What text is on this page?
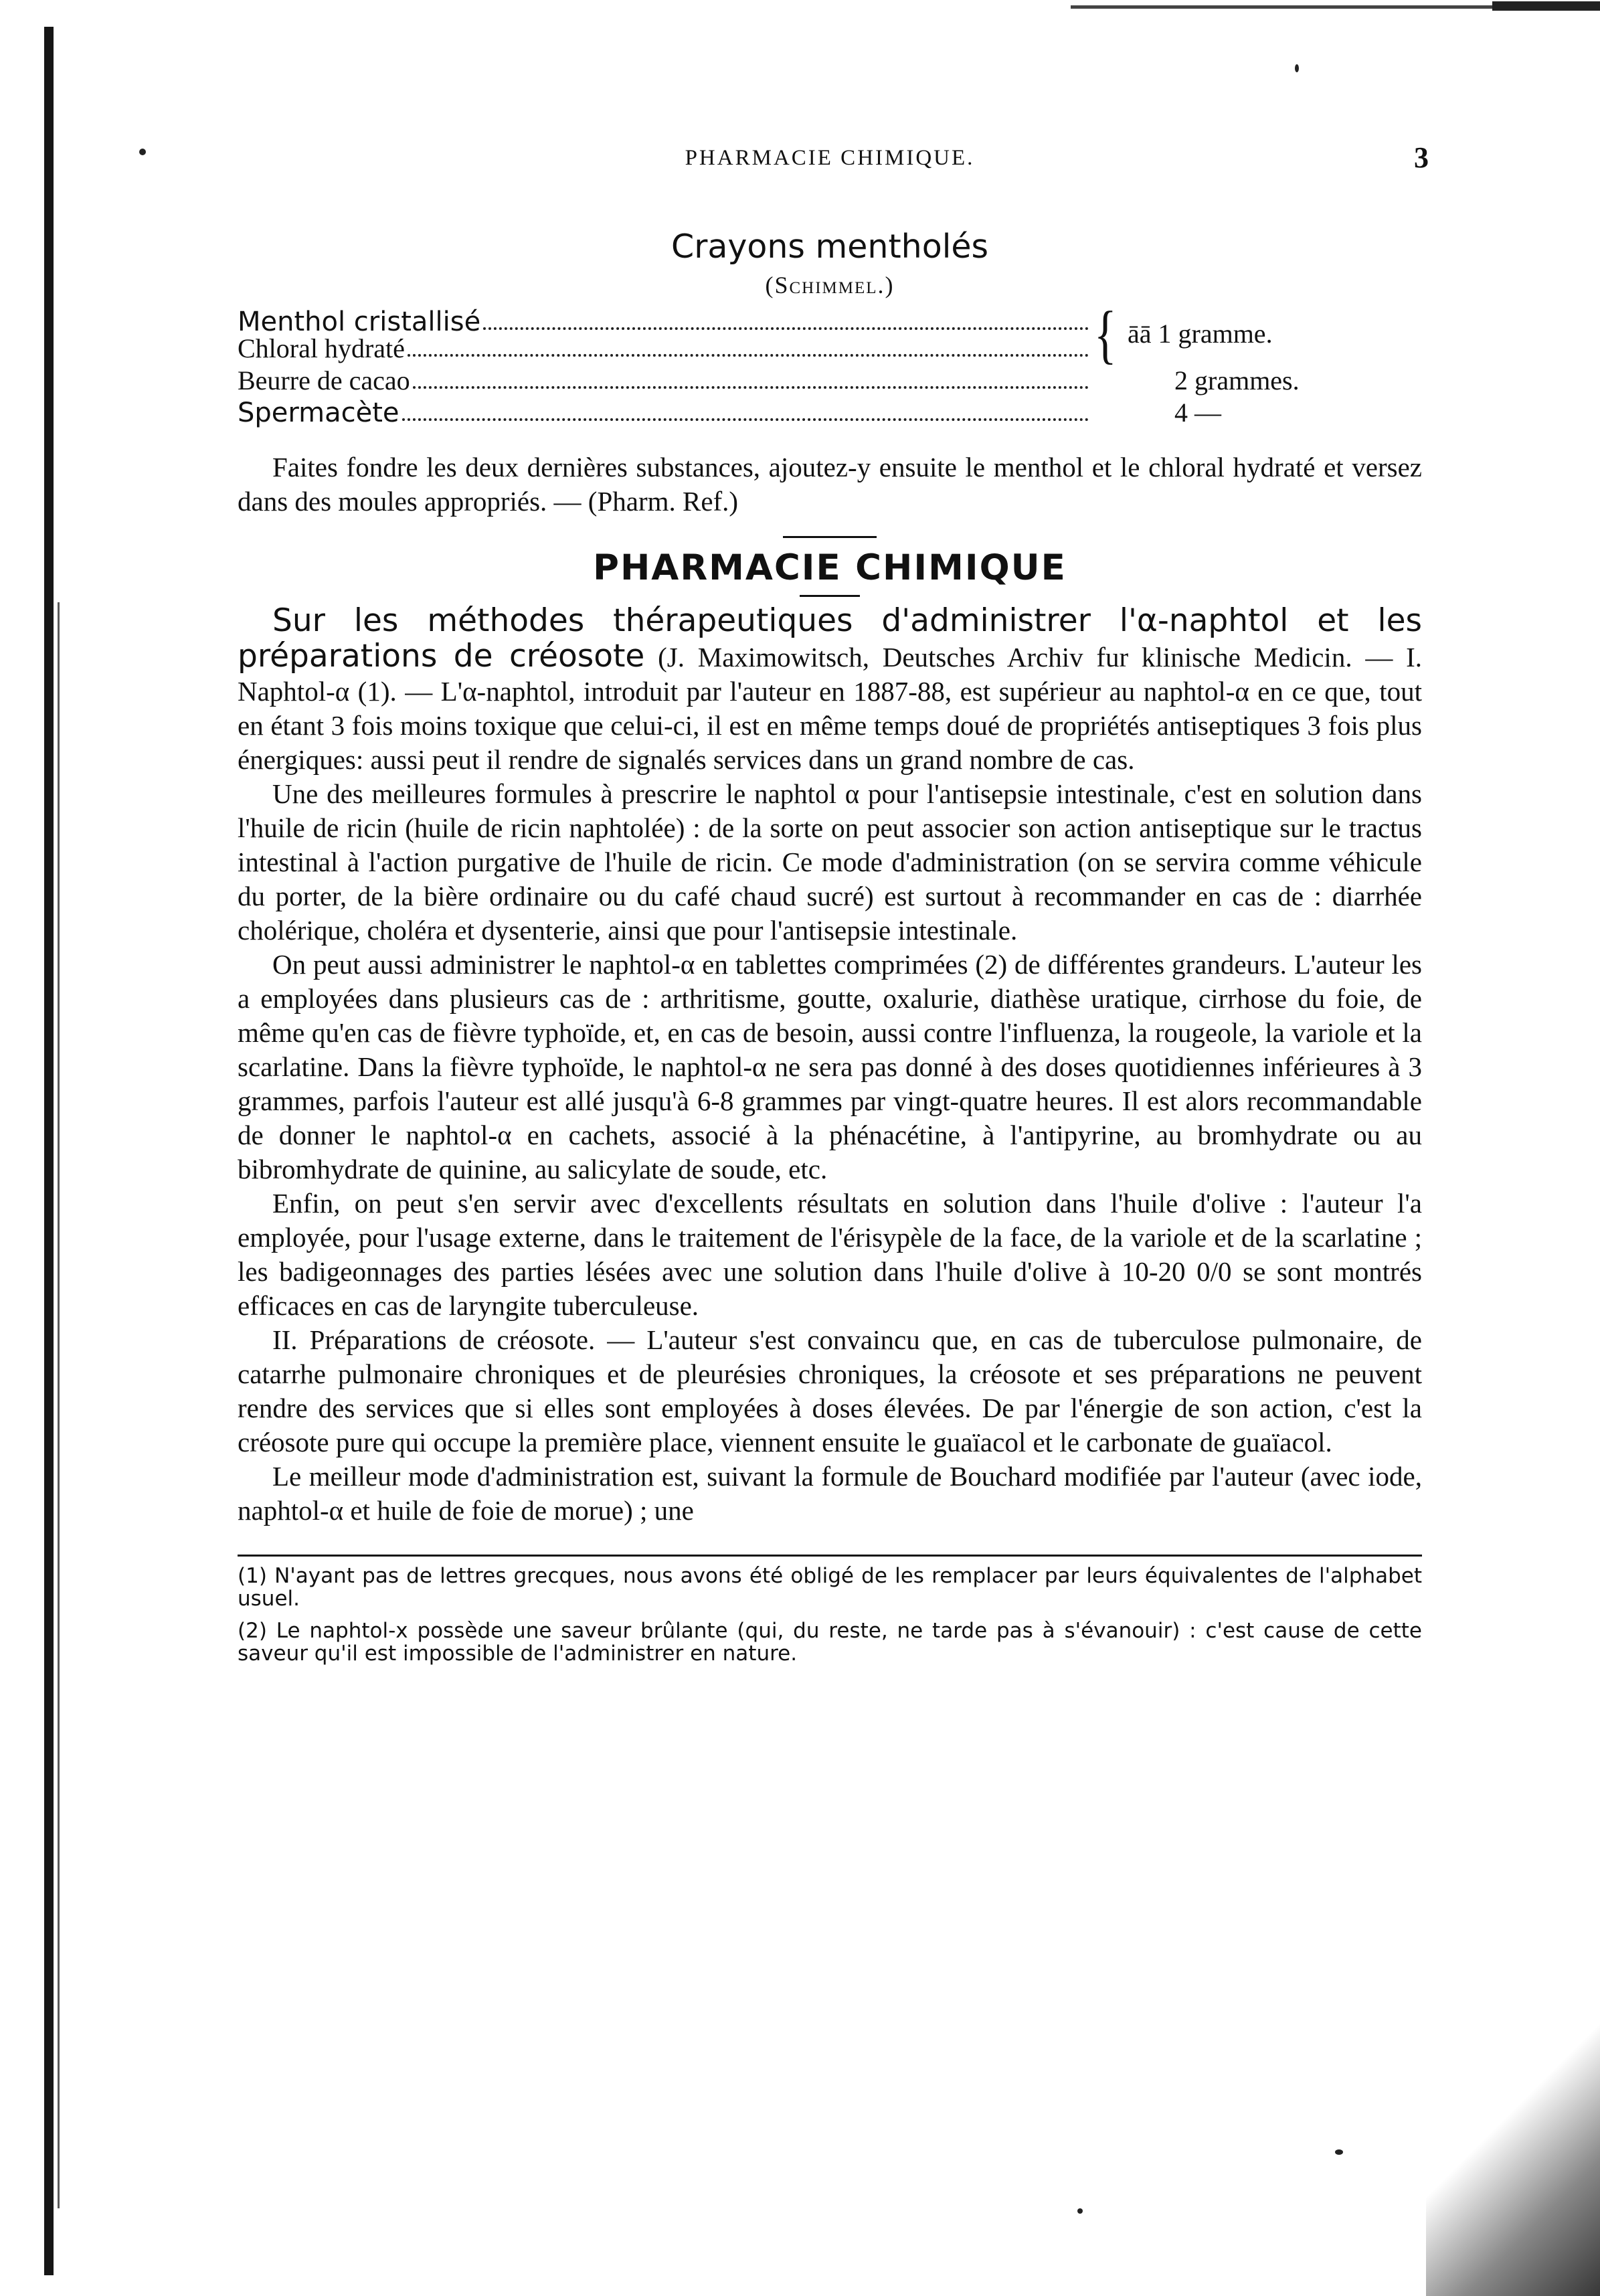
PHARMACIE CHIMIQUE.	3
Crayons mentholés
(Schimmel.)
Menthol cristallisé
Chloral hydraté	{ āā 1 gramme.
Beurre de cacao	2 grammes.
Spermacète	4 —

Faites fondre les deux dernières substances, ajoutez-y ensuite le menthol et le chloral hydraté et versez dans des moules appropriés. — (Pharm. Ref.)

PHARMACIE CHIMIQUE

Sur les méthodes thérapeutiques d'administrer l'α-naphtol et les préparations de créosote (J. Maximowitsch, Deutsches Archiv fur klinische Medicin. — I. Naphtol-α (1). — L'α-naphtol, introduit par l'auteur en 1887-88, est supérieur au naphtol-α en ce que, tout en étant 3 fois moins toxique que celui-ci, il est en même temps doué de propriétés antiseptiques 3 fois plus énergiques: aussi peut il rendre de signalés services dans un grand nombre de cas.

Une des meilleures formules à prescrire le naphtol α pour l'antisepsie intestinale, c'est en solution dans l'huile de ricin (huile de ricin naphtolée) : de la sorte on peut associer son action antiseptique sur le tractus intestinal à l'action purgative de l'huile de ricin. Ce mode d'administration (on se servira comme véhicule du porter, de la bière ordinaire ou du café chaud sucré) est surtout à recommander en cas de : diarrhée cholérique, choléra et dysenterie, ainsi que pour l'antisepsie intestinale.

On peut aussi administrer le naphtol-α en tablettes comprimées (2) de différentes grandeurs. L'auteur les a employées dans plusieurs cas de : arthritisme, goutte, oxalurie, diathèse uratique, cirrhose du foie, de même qu'en cas de fièvre typhoïde, et, en cas de besoin, aussi contre l'influenza, la rougeole, la variole et la scarlatine. Dans la fièvre typhoïde, le naphtol-α ne sera pas donné à des doses quotidiennes inférieures à 3 grammes, parfois l'auteur est allé jusqu'à 6-8 grammes par vingt-quatre heures. Il est alors recommandable de donner le naphtol-α en cachets, associé à la phénacétine, à l'antipyrine, au bromhydrate ou au bibromhydrate de quinine, au salicylate de soude, etc.

Enfin, on peut s'en servir avec d'excellents résultats en solution dans l'huile d'olive : l'auteur l'a employée, pour l'usage externe, dans le traitement de l'érisypèle de la face, de la variole et de la scarlatine ; les badigeonnages des parties lésées avec une solution dans l'huile d'olive à 10-20 0/0 se sont montrés efficaces en cas de laryngite tuberculeuse.

II. Préparations de créosote. — L'auteur s'est convaincu que, en cas de tuberculose pulmonaire, de catarrhe pulmonaire chroniques et de pleurésies chroniques, la créosote et ses préparations ne peuvent rendre des services que si elles sont employées à doses élevées. De par l'énergie de son action, c'est la créosote pure qui occupe la première place, viennent ensuite le guaïacol et le carbonate de guaïacol.

Le meilleur mode d'administration est, suivant la formule de Bouchard modifiée par l'auteur (avec iode, naphtol-α et huile de foie de morue) ; une

(1) N'ayant pas de lettres grecques, nous avons été obligé de les remplacer par leurs équivalentes de l'alphabet usuel.
(2) Le naphtol-x possède une saveur brûlante (qui, du reste, ne tarde pas à s'évanouir) : c'est cause de cette saveur qu'il est impossible de l'administrer en nature.
